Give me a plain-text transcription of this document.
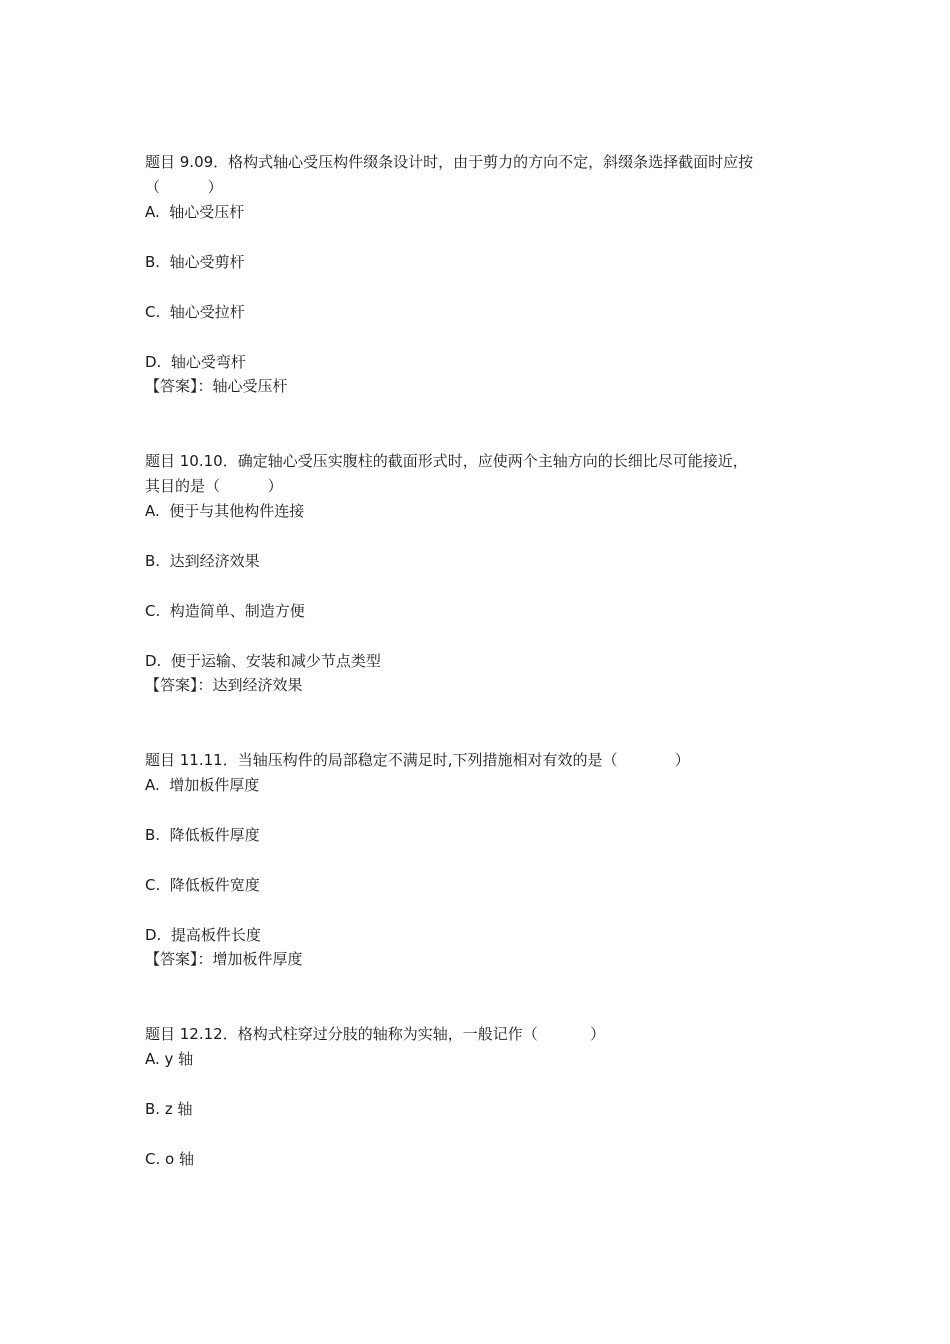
题目 9.09．格构式轴心受压构件缀条设计时，由于剪力的方向不定，斜缀条选择截面时应按
（          ）
A.  轴心受压杆
B.  轴心受剪杆
C.  轴心受拉杆
D.  轴心受弯杆
【答案】：轴心受压杆
题目 10.10．确定轴心受压实腹柱的截面形式时，应使两个主轴方向的长细比尽可能接近，
其目的是（          ）
A.  便于与其他构件连接
B.  达到经济效果
C.  构造简单、制造方便
D.  便于运输、安装和减少节点类型
【答案】：达到经济效果
题目 11.11．当轴压构件的局部稳定不满足时,下列措施相对有效的是（            ）
A.  增加板件厚度
B.  降低板件厚度
C.  降低板件宽度
D.  提高板件长度
【答案】：增加板件厚度
题目 12.12．格构式柱穿过分肢的轴称为实轴，一般记作（           ）
A. y 轴
B. z 轴
C. o 轴
